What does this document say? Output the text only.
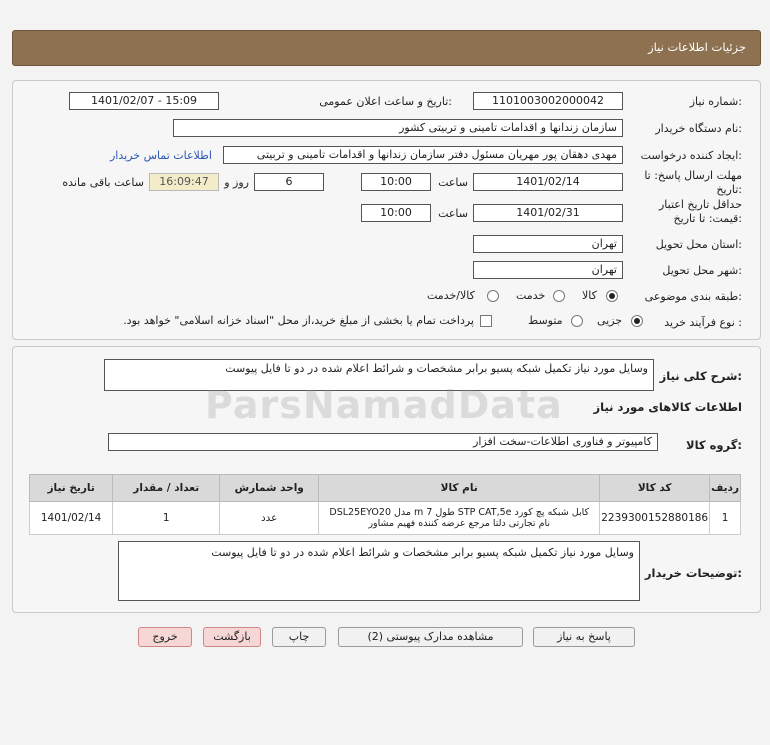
جزئیات اطلاعات نیاز
شماره نیاز:
1101003002000042
تاریخ و ساعت اعلان عمومی:
1401/02/07 - 15:09
نام دستگاه خریدار:
سازمان زندانها و اقدامات تامینی و تربیتی کشور
ایجاد کننده درخواست:
مهدی دهقان پور مهریان مسئول دفتر سازمان زندانها و اقدامات تامینی و تربیتی
اطلاعات تماس خریدار
مهلت ارسال پاسخ: تا
تاریخ:
1401/02/14
ساعت
10:00
6
روز و
16:09:47
ساعت باقی مانده
حداقل تاریخ اعتبار
قیمت: تا تاریخ:
1401/02/31
ساعت
10:00
استان محل تحویل:
تهران
شهر محل تحویل:
تهران
طبقه بندی موضوعی:
کالا
خدمت
کالا/خدمت
نوع فرآیند خرید :
جزیی
متوسط
پرداخت تمام یا بخشی از مبلغ خرید،از محل "اسناد خزانه اسلامی" خواهد بود.
شرح کلی نیاز:
وسایل مورد نیاز تکمیل شبکه پسیو برابر مشخصات و شرائط اعلام شده در دو تا فایل پیوست
اطلاعات کالاهای مورد نیاز
گروه کالا:
کامپیوتر و فناوری اطلاعات-سخت افزار
ردیف	کد کالا	نام کالا	واحد شمارش	تعداد / مقدار	تاریخ نیاز
1	2239300152880186	کابل شبکه پچ کورد STP CAT,5e طول 7 m مدل DSL25EYO20
نام تجارتی دلتا مرجع عرضه کننده فهیم مشاور	عدد	1	1401/02/14
توضیحات خریدار:
وسایل مورد نیاز تکمیل شبکه پسیو برابر مشخصات و شرائط اعلام شده در دو تا فایل پیوست
پاسخ به نیاز
مشاهده مدارک پیوستی (2)
چاپ
بازگشت
خروج
ParsNamadData
